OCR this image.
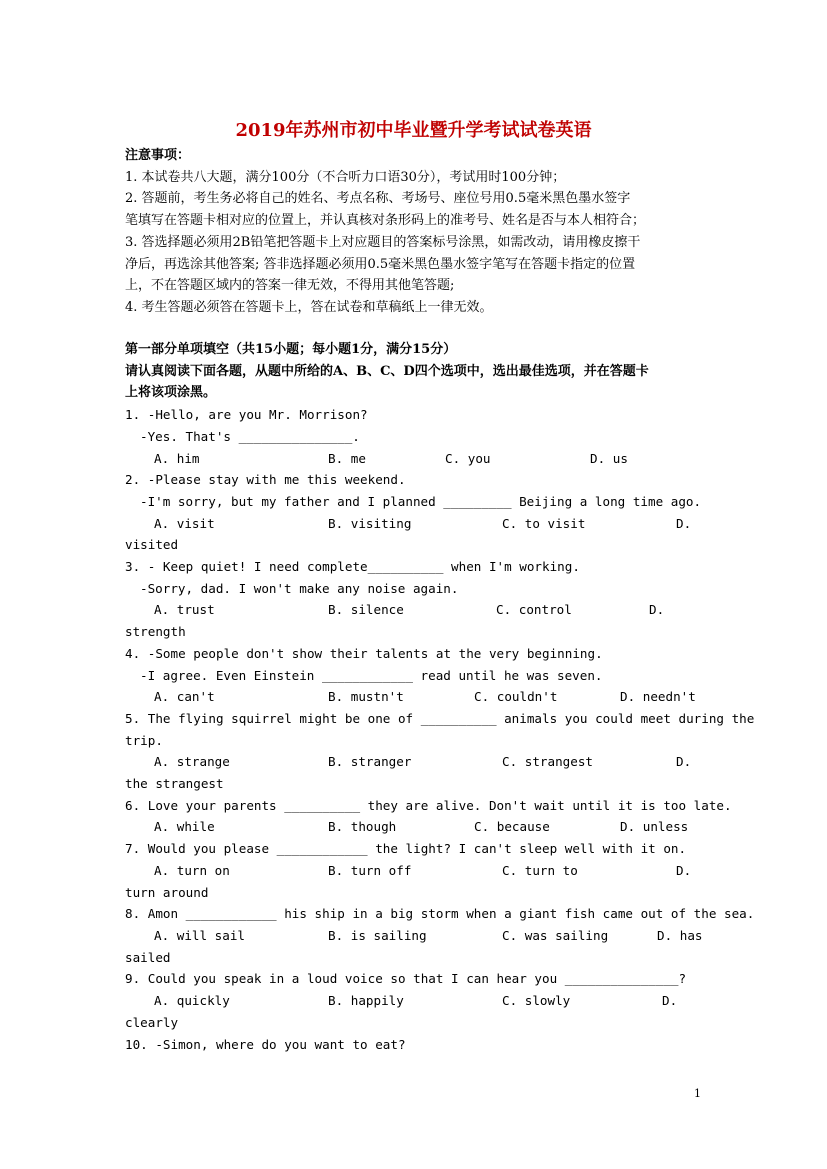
2019年苏州市初中毕业暨升学考试试卷英语

注意事项：

1. 本试卷共八大题，满分100分（不合听力口语30分），考试用时100分钟；

2. 答题前，考生务必将自己的姓名、考点名称、考场号、座位号用0.5毫米黑色墨水签字

笔填写在答题卡相对应的位置上，并认真核对条形码上的准考号、姓名是否与本人相符合；

3. 答选择题必须用2B铅笔把答题卡上对应题目的答案标号涂黑，如需改动，请用橡皮擦干

净后，再选涂其他答案; 答非选择题必须用0.5毫米黑色墨水签字笔写在答题卡指定的位置

上，不在答题区域内的答案一律无效，不得用其他笔答题;

4. 考生答题必须答在答题卡上，答在试卷和草稿纸上一律无效。

第一部分单项填空（共15小题；每小题1分，满分15分）

请认真阅读下面各题，从题中所给的A、B、C、D四个选项中，选出最佳选项，并在答题卡

上将该项涂黑。

1. -Hello, are you Mr. Morrison?

-Yes. That's _______________.

A. him	B. me	C. you	D. us

2. -Please stay with me this weekend.

-I'm sorry, but my father and I planned _________ Beijing a long time ago.

A. visit	B. visiting	C. to visit	D.

visited

3. - Keep quiet! I need complete__________ when I'm working.

-Sorry, dad. I won't make any noise again.

A. trust	B. silence	C. control	D.

strength

4. -Some people don't show their talents at the very beginning.

-I agree. Even Einstein ____________ read until he was seven.

A. can't	B. mustn't	C. couldn't	D. needn't

5. The flying squirrel might be one of __________ animals you could meet during the

trip.

A. strange	B. stranger	C. strangest	D.

the strangest

6. Love your parents __________ they are alive. Don't wait until it is too late.

A. while	B. though	C. because	D. unless

7. Would you please ____________ the light? I can't sleep well with it on.

A. turn on	B. turn off	C. turn to	D.

turn around

8. Amon ____________ his ship in a big storm when a giant fish came out of the sea.

A. will sail	B. is sailing	C. was sailing	D. has

sailed

9. Could you speak in a loud voice so that I can hear you _______________?

A. quickly	B. happily	C. slowly	D.

clearly

10. -Simon, where do you want to eat?

1
